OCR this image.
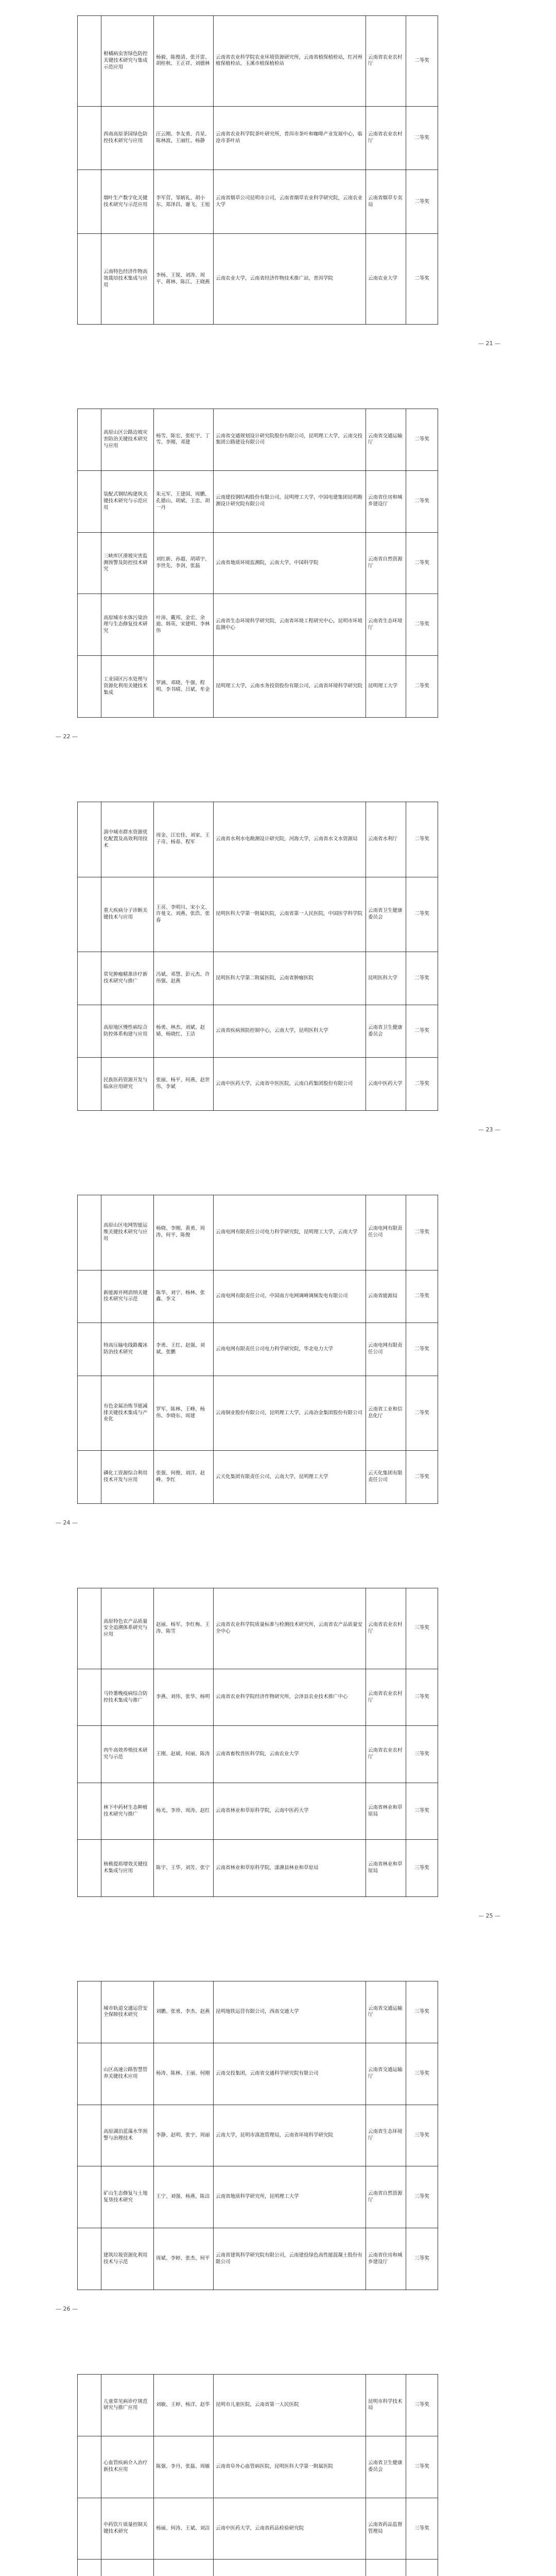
	柑橘病虫害绿色防控关键技术研究与集成示范应用	杨毅、陈俊清、张开雷、胡桂秋、王正祥、刘德林	云南省农业科学院农业环境资源研究所，云南省植保植检站，红河州植保植检站，玉溪市植保植检站	云南省农业农村厅	二等奖
	西南高原茶园绿色防控技术研究与应用	汪云刚、李友勇、肖星、陈林波、王丽红、杨静	云南省农业科学院茶叶研究所，普洱市茶叶和咖啡产业发展中心，临沧市茶叶站	云南省农业农村厅	二等奖
	烟叶生产数字化关键技术研究与示范应用	李军营、邹炳礼、胡小东、郑泽昌、谢飞、王旭	云南省烟草公司昆明市公司，云南省烟草农业科学研究院，云南农业大学	云南省烟草专卖局	二等奖
	云南特色经济作物高效栽培技术集成与应用	李杨、王锐、刘涛、周平、蒋林、陈江、王晓燕	云南农业大学，云南省经济作物技术推广站，普洱学院	云南农业大学	二等奖
— 21 —
	高原山区公路边坡灾害防治关键技术研究与应用	杨雪、陈宏、张虹宇、丁雪、李刚、邓建	云南省交通规划设计研究院股份有限公司，昆明理工大学，云南交投集团公路建设有限公司	云南省交通运输厅	二等奖
	装配式钢结构建筑关键技术研究与示范应用	朱元军、王建国、周鹏、孔德山、胡斌、王忠、胡一丹	云南建投钢结构股份有限公司，昆明理工大学，中国电建集团昆明勘测设计研究院有限公司	云南省住房和城乡建设厅	二等奖
	三峡库区滑坡灾害监测预警及防控技术研究	刘红新、孙超、胡靖宇、李世先、李剑、张磊	云南省地质环境监测院，云南大学，中国科学院	云南省自然资源厅	二等奖
	高原城市水体污染治理与生态修复技术研究	叶沛、戴邦、金宏、余迪、韩英、宋建明、李林伟	云南省生态环境科学研究院，云南省环境工程研究中心，昆明市环境监测中心	云南省生态环境厅	二等奖
	工业园区污水处理与资源化利用关键技术集成	罗涵、邓晓、牛强、程明、李书晴、吕斌、牟金	昆明理工大学，云南水务投资股份有限公司，云南省环境科学研究院	昆明理工大学	二等奖
— 22 —
	滇中城市群水资源优化配置及高效利用技术	周金、江宏佳、刘家、王子奇、杨春、程军	云南省水利水电勘测设计研究院，河海大学，云南省水文水资源局	云南省水利厅	二等奖
	重大疾病分子诊断关键技术与应用	王亮、李明川、宋小文、许曼文、刘燕、张浩、张春	昆明医科大学第一附属医院，云南省第一人民医院，中国医学科学院	云南省卫生健康委员会	二等奖
	常见肿瘤精准诊疗新技术研究与推广	冯斌、邓慧、彭元杰、许伟强、赵燕	昆明医科大学第二附属医院，云南省肿瘤医院	昆明医科大学	二等奖
	高原地区慢性病综合防控体系构建与应用	杨勇、林杰、刘斌、赵婧、杨晓红、王洁	云南省疾病预防控制中心，云南大学，昆明医科大学	云南省卫生健康委员会	二等奖
	民族医药资源开发与临床应用研究	张丽、杨平、何燕、赵世伟、李斌	云南中医药大学，云南省中医医院，云南白药集团股份有限公司	云南中医药大学	二等奖
— 23 —
	高原山区电网智能运维关键技术研究与应用	杨晓、李刚、黄勇、周涛、何平、陈俊	云南电网有限责任公司电力科学研究院，昆明理工大学，云南大学	云南电网有限责任公司	二等奖
	新能源并网消纳关键技术研究与示范	陈华、刘宁、杨林、张鑫、李文	云南电网有限责任公司，中国南方电网调峰调频发电有限公司	云南省能源局	二等奖
	特高压输电线路覆冰防治技术研究	李勇、王红、赵强、刘斌、张鹏	云南电网有限责任公司电力科学研究院，华北电力大学	云南电网有限责任公司	二等奖
	有色金属冶炼节能减排关键技术集成与产业化	罗军、陈林、王峰、杨伟、李晓东、周建	云南铜业股份有限公司，昆明理工大学，云南冶金集团股份有限公司	云南省工业和信息化厅	二等奖
	磷化工资源综合利用技术开发与应用	张强、何俊、刘洋、赵峰、李红	云天化集团有限责任公司，云南大学，昆明理工大学	云天化集团有限责任公司	二等奖
— 24 —
	高原特色农产品质量安全追溯体系研究与应用	赵丽、杨军、李红梅、王涛、陈雪	云南省农业科学院质量标准与检测技术研究所，云南省农产品质量安全中心	云南省农业农村厅	三等奖
	马铃薯晚疫病综合防控技术集成与推广	李燕、刘伟、张华、杨明	云南省农业科学院经济作物研究所，会泽县农业技术推广中心	云南省农业农村厅	三等奖
	肉牛高效养殖技术研究与示范	王刚、赵斌、何丽、陈涛	云南省畜牧兽医科学院，云南农业大学	云南省农业农村厅	三等奖
	林下中药材生态种植技术研究与推广	杨光、李珍、周涛、赵红	云南省林业和草原科学院，云南中医药大学	云南省林业和草原局	三等奖
	核桃提质增效关键技术集成与应用	陈宇、王华、刘芳、张宁	云南省林业和草原科学院，漾濞县林业和草原局	云南省林业和草原局	三等奖
— 25 —
	城市轨道交通运营安全保障技术研究	刘鹏、张勇、李杰、赵燕	昆明地铁运营有限公司，西南交通大学	云南省交通运输厅	三等奖
	山区高速公路智慧管养关键技术应用	杨涛、陈林、王丽、何刚	云南交投集团，云南省交通科学研究院有限公司	云南省交通运输厅	三等奖
	高原湖泊蓝藻水华预警与治理技术	李静、赵明、张宇、周丽	云南大学，昆明市滇池管理局，云南省环境科学研究院	云南省生态环境厅	三等奖
	矿山生态修复与土地复垦技术研究	王宁、刘强、杨燕、陈洁	云南省地质科学研究所，昆明理工大学	云南省自然资源厅	三等奖
	建筑垃圾资源化利用技术与示范	周斌、李婷、张杰、何平	云南省建筑科学研究院有限公司，云南建投绿色高性能混凝土股份有限公司	云南省住房和城乡建设厅	三等奖
— 26 —
	儿童常见病诊疗规范研究与推广应用	刘敏、王婷、杨洋、赵华	昆明市儿童医院，云南省第一人民医院	昆明市科学技术局	三等奖
	心血管疾病介入治疗新技术应用	陈强、李丹、张磊、周敏	云南省阜外心血管病医院，昆明医科大学第一附属医院	云南省卫生健康委员会	三等奖
	中药饮片质量控制关键技术研究	杨丽、何涛、王斌、刘洁	云南中医药大学，云南省药品检验研究院	云南省药品监督管理局	三等奖
